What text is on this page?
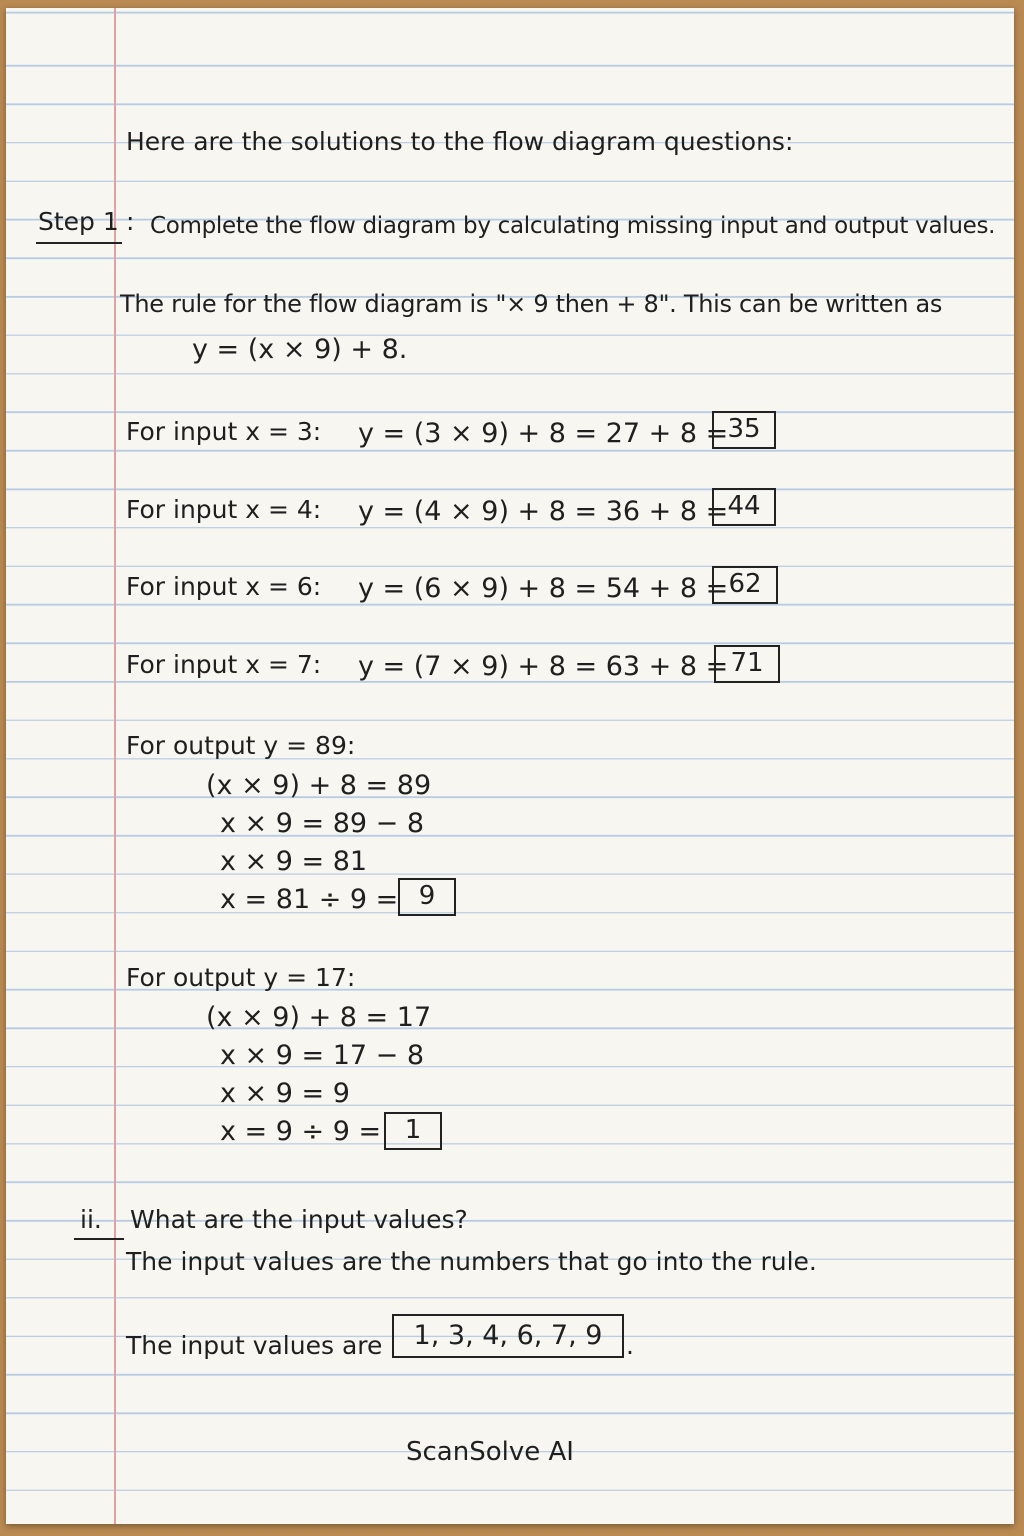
Here are the solutions to the flow diagram questions:
Step 1 : Complete the flow diagram by calculating missing input and output values.
The rule for the flow diagram is "× 9 then + 8". This can be written as
y = (x × 9) + 8.
For input x = 3: y = (3 × 9) + 8 = 27 + 8 = 35
For input x = 4: y = (4 × 9) + 8 = 36 + 8 = 44
For input x = 6: y = (6 × 9) + 8 = 54 + 8 = 62
For input x = 7: y = (7 × 9) + 8 = 63 + 8 = 71
For output y = 89:
(x × 9) + 8 = 89
x × 9 = 89 − 8
x × 9 = 81
x = 81 ÷ 9 = 9
For output y = 17:
(x × 9) + 8 = 17
x × 9 = 17 − 8
x × 9 = 9
x = 9 ÷ 9 = 1
ii. What are the input values?
The input values are the numbers that go into the rule.
The input values are	1, 3, 4, 6, 7, 9 .
ScanSolve AI
